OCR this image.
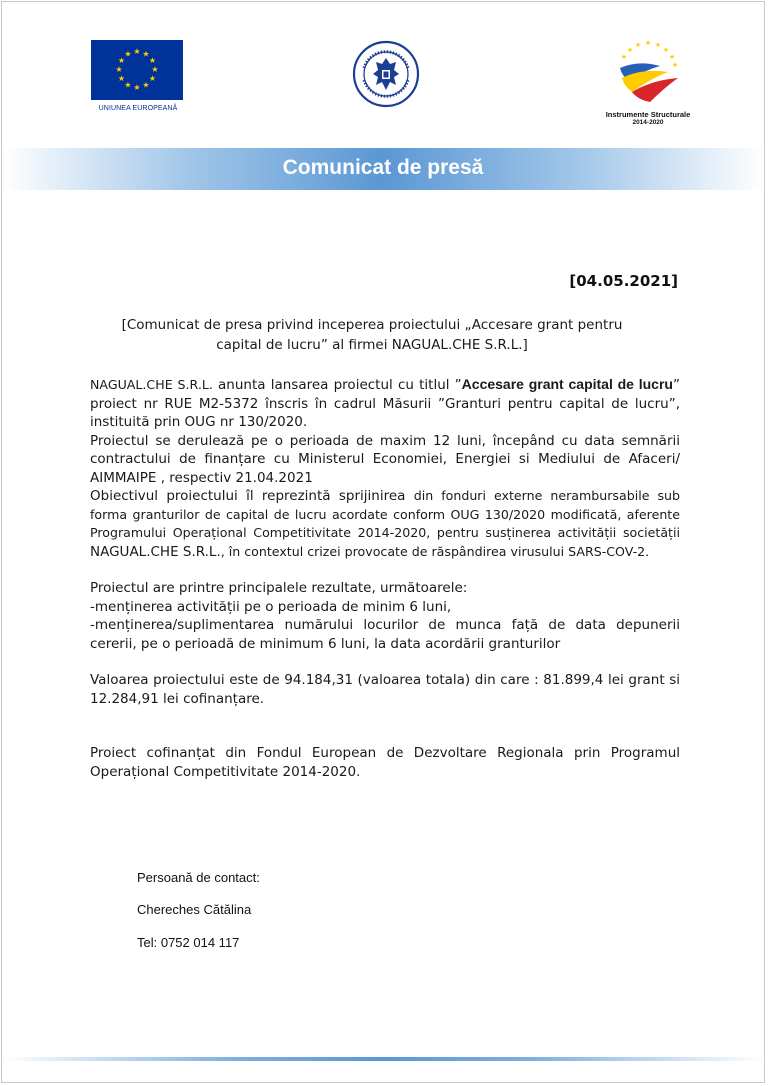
★ ★
★
★
★
★
★
★
★
★
★
★
UNIUNEA EUROPEANĂ
★ ★
★
★
★
★
★
★
Instrumente Structurale
2014-2020
Comunicat de presă
[04.05.2021]
[Comunicat de presa privind inceperea proiectului „Accesare grant pentru
capital de lucru” al firmei NAGUAL.CHE S.R.L.]

NAGUAL.CHE S.R.L. anunta lansarea proiectul cu titlul ”Accesare grant capital de lucru” proiect nr RUE M2-5372 înscris în cadrul Măsurii ”Granturi pentru capital de lucru”, instituită prin OUG nr 130/2020.

Proiectul se derulează pe o perioada de maxim 12 luni, începând cu data semnării contractului de finanțare cu Ministerul Economiei, Energiei si Mediului de Afaceri/ AIMMAIPE , respectiv 21.04.2021

Obiectivul proiectului îl reprezintă sprijinirea din fonduri externe nerambursabile sub forma granturilor de capital de lucru acordate conform OUG 130/2020 modificată, aferente Programului Operațional Competitivitate 2014-2020, pentru susținerea activității societății NAGUAL.CHE S.R.L., în contextul crizei provocate de răspândirea virusului SARS-COV-2.

Proiectul are printre principalele rezultate, următoarele:

-menținerea activității pe o perioada de minim 6 luni,

-menținerea/suplimentarea numărului locurilor de munca față de data depunerii cererii, pe o perioadă de minimum 6 luni, la data acordării granturilor

Valoarea proiectului este de 94.184,31 (valoarea totala) din care : 81.899,4 lei grant si 12.284,91 lei cofinanțare.

Proiect cofinanțat din Fondul European de Dezvoltare Regionala prin Programul Operațional Competitivitate 2014-2020.

Persoană de contact:
Chereches Cătălina
Tel: 0752 014 117
